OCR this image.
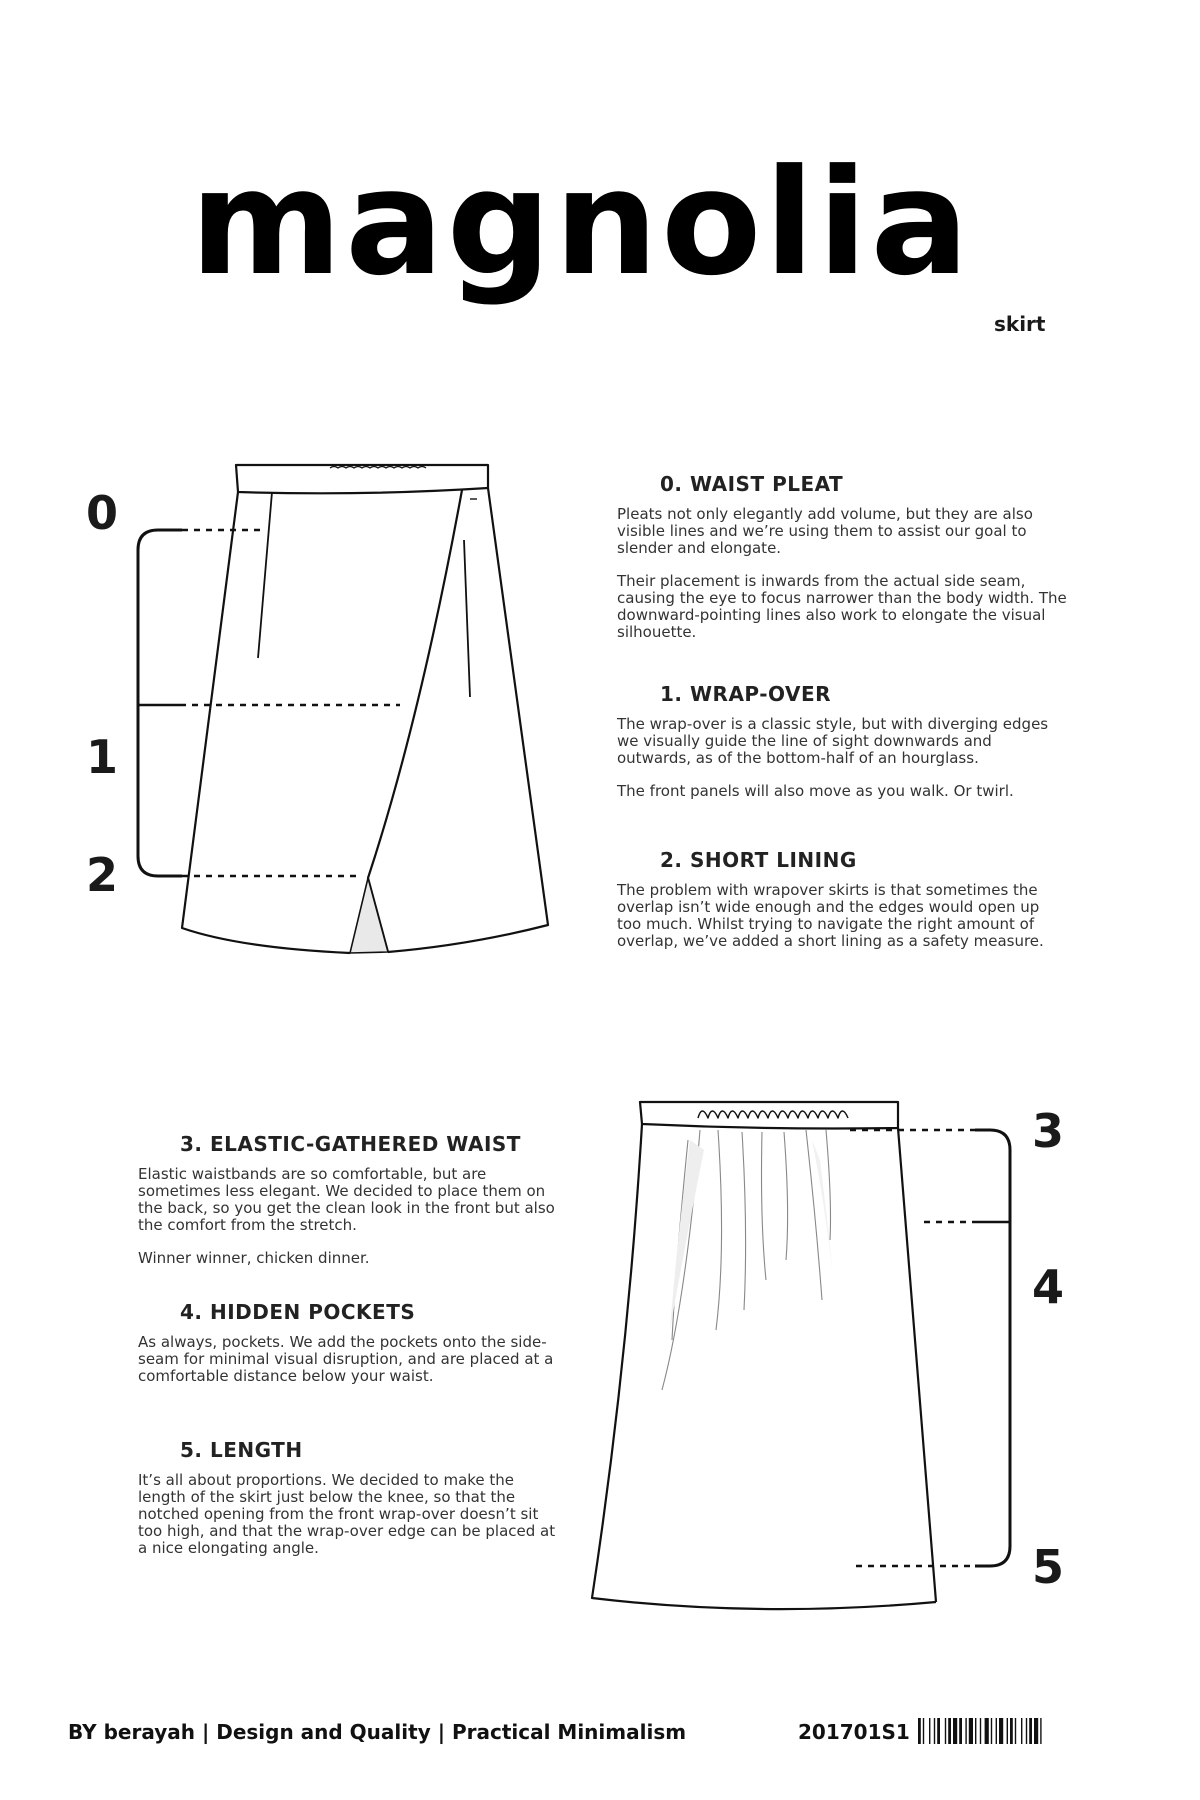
magnolia
skirt
0
1
2
3
4
5
0. WAIST PLEAT

Pleats not only elegantly add volume, but they are also visible lines and we’re using them to assist our goal to slender and elongate.

Their placement is inwards from the actual side seam, causing the eye to focus narrower than the body width. The downward-pointing lines also work to elongate the visual silhouette.

1. WRAP-OVER

The wrap-over is a classic style, but with diverging edges we visually guide the line of sight downwards and outwards, as of the bottom-half of an hourglass.

The front panels will also move as you walk. Or twirl.

2. SHORT LINING

The problem with wrapover skirts is that sometimes the overlap isn’t wide enough and the edges would open up too much. Whilst trying to navigate the right amount of overlap, we’ve added a short lining as a safety measure.

3. ELASTIC-GATHERED WAIST

Elastic waistbands are so comfortable, but are sometimes less elegant. We decided to place them on the back, so you get the clean look in the front but also the comfort from the stretch.

Winner winner, chicken dinner.

4. HIDDEN POCKETS

As always, pockets. We add the pockets onto the side-seam for minimal visual disruption, and are placed at a comfortable distance below your waist.

5. LENGTH

It’s all about proportions. We decided to make the length of the skirt just below the knee, so that the notched opening from the front wrap-over doesn’t sit too high, and that the wrap-over edge can be placed at a nice elongating angle.

BY berayah | Design and Quality | Practical Minimalism	201701S1
